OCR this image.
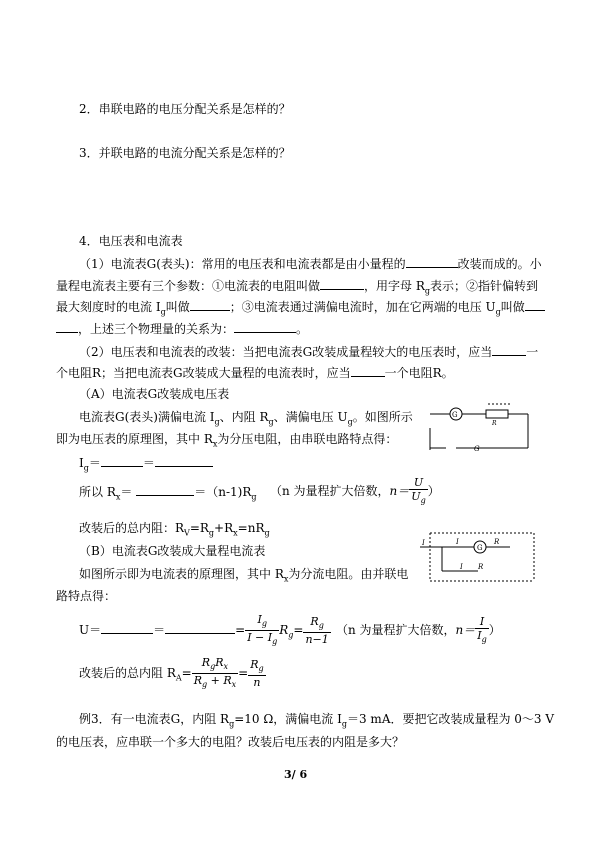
2．串联电路的电压分配关系是怎样的？
3．并联电路的电流分配关系是怎样的？
4．电压表和电流表
（1）电流表G(表头)：常用的电压表和电流表都是由小量程的	改装而成的。小
量程电流表主要有三个参数：①电流表的电阻叫做	，用字母 $R_g$表示；②指针偏转到
最大刻度时的电流 $I_g$叫做	；③电流表通过满偏电流时，加在它两端的电压 $U_g$叫做
，上述三个物理量的关系为：	。
（2）电压表和电流表的改装：当把电流表G改装成量程较大的电压表时，应当	一
个电阻R；当把电流表G改装成大量程的电流表时，应当	一个电阻R。
（A）电流表G改装成电压表
电流表G(表头)满偏电流 $I_g$、内阻 $R_g$、满偏电压 $U_g$。如图所示
即为电压表的原理图，其中 $R_x$为分压电阻，由串联电路特点得：
$I_g=$	＝
所以 $R_x=$	$=(n-1)R_g$ （n 为量程扩大倍数，$n= \frac{U}{U_g}$ ）
改装后的总内阻：$R_V=R_g+R_x=nR_g$
（B）电流表G改装成大量程电流表
如图所示即为电流表的原理图，其中 $R_x$为分流电阻。由并联电
路特点得：
U＝	＝	= $\frac{I_g}{I - I_g} R_g= \frac{R_g}{n-1} (n$ 为量程扩大倍数，$n= \frac{I}{I_g}$ ）
改装后的总内阻 $R_A= \frac{R_gR_x}{R_g + R_x} = \frac{R_g}{n}$
例3．有一电流表G，内阻 $R_g=10$ Ω，满偏电流 $I_g=3$ mA．要把它改装成量程为 0～3 V
的电压表，应串联一个多大的电阻？改装后电压表的内阻是多大？
G
R
G
I	I
G
R
I R
3/ 6
